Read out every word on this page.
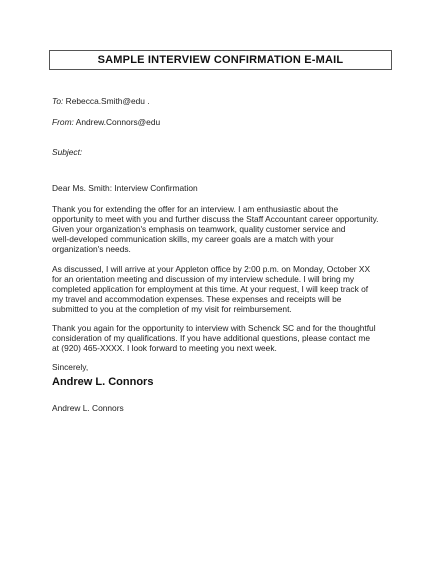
SAMPLE INTERVIEW CONFIRMATION E-MAIL
To: Rebecca.Smith@edu .
From: Andrew.Connors@edu
Subject:
Dear Ms. Smith: Interview Confirmation
Thank you for extending the offer for an interview. I am enthusiastic about the
opportunity to meet with you and further discuss the Staff Accountant career opportunity.
Given your organization's emphasis on teamwork, quality customer service and
well-developed communication skills, my career goals are a match with your
organization's needs.
As discussed, I will arrive at your Appleton office by 2:00 p.m. on Monday, October XX
for an orientation meeting and discussion of my interview schedule. I will bring my
completed application for employment at this time. At your request, I will keep track of
my travel and accommodation expenses. These expenses and receipts will be
submitted to you at the completion of my visit for reimbursement.
Thank you again for the opportunity to interview with Schenck SC and for the thoughtful
consideration of my qualifications. If you have additional questions, please contact me
at (920) 465-XXXX. I look forward to meeting you next week.
Sincerely,
Andrew L. Connors
Andrew L. Connors
